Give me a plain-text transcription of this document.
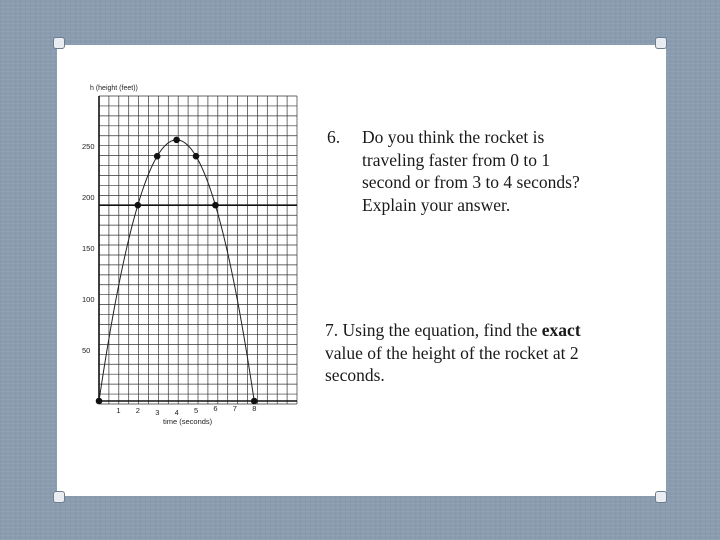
50
100
150
200
250
1 2 3 4 5 6 7 8
h (height (feet))
time (seconds)
6. Do you think the rocket is
traveling faster from 0 to 1
second or from 3 to 4 seconds?
Explain your answer.
7. Using the equation, find the exact
value of the height of the rocket at 2
seconds.
